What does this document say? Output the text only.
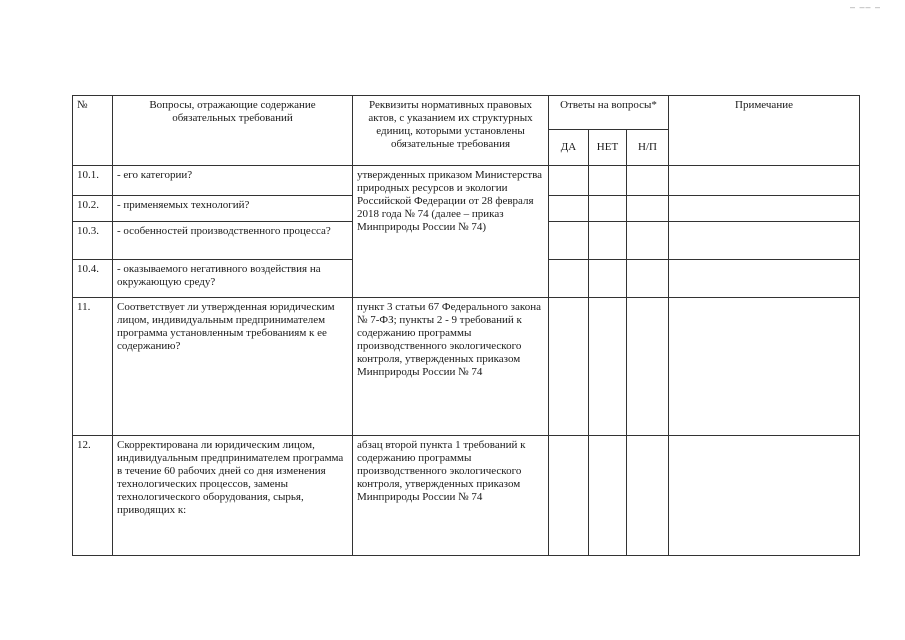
– –– –
№	Вопросы, отражающие содержание обязательных требований	Реквизиты нормативных правовых актов, с указанием их структурных единиц, которыми установлены обязательные требования	Ответы на вопросы*			Примечание
			ДА	НЕТ	Н/П	
10.1.	- его категории?	утвержденных приказом Министерства природных ресурсов и экологии Российской Федерации от 28 февраля 2018 года № 74 (далее – приказ Минприроды России № 74)				
10.2.	- применяемых технологий?					
10.3.	- особенностей производственного процесса?					
10.4.	- оказываемого негативного воздействия на окружающую среду?					
11.	Соответствует ли утвержденная юридическим лицом, индивидуальным предпринимателем программа установленным требованиям к ее содержанию?	пункт 3 статьи 67 Федерального закона № 7-ФЗ; пункты 2 - 9 требований к содержанию программы производственного экологического контроля, утвержденных приказом Минприроды России № 74				
12.	Скорректирована ли юридическим лицом, индивидуальным предпринимателем программа в течение 60 рабочих дней со дня изменения технологических процессов, замены технологического оборудования, сырья, приводящих к:	абзац второй пункта 1 требований к содержанию программы производственного экологического контроля, утвержденных приказом Минприроды России № 74				
